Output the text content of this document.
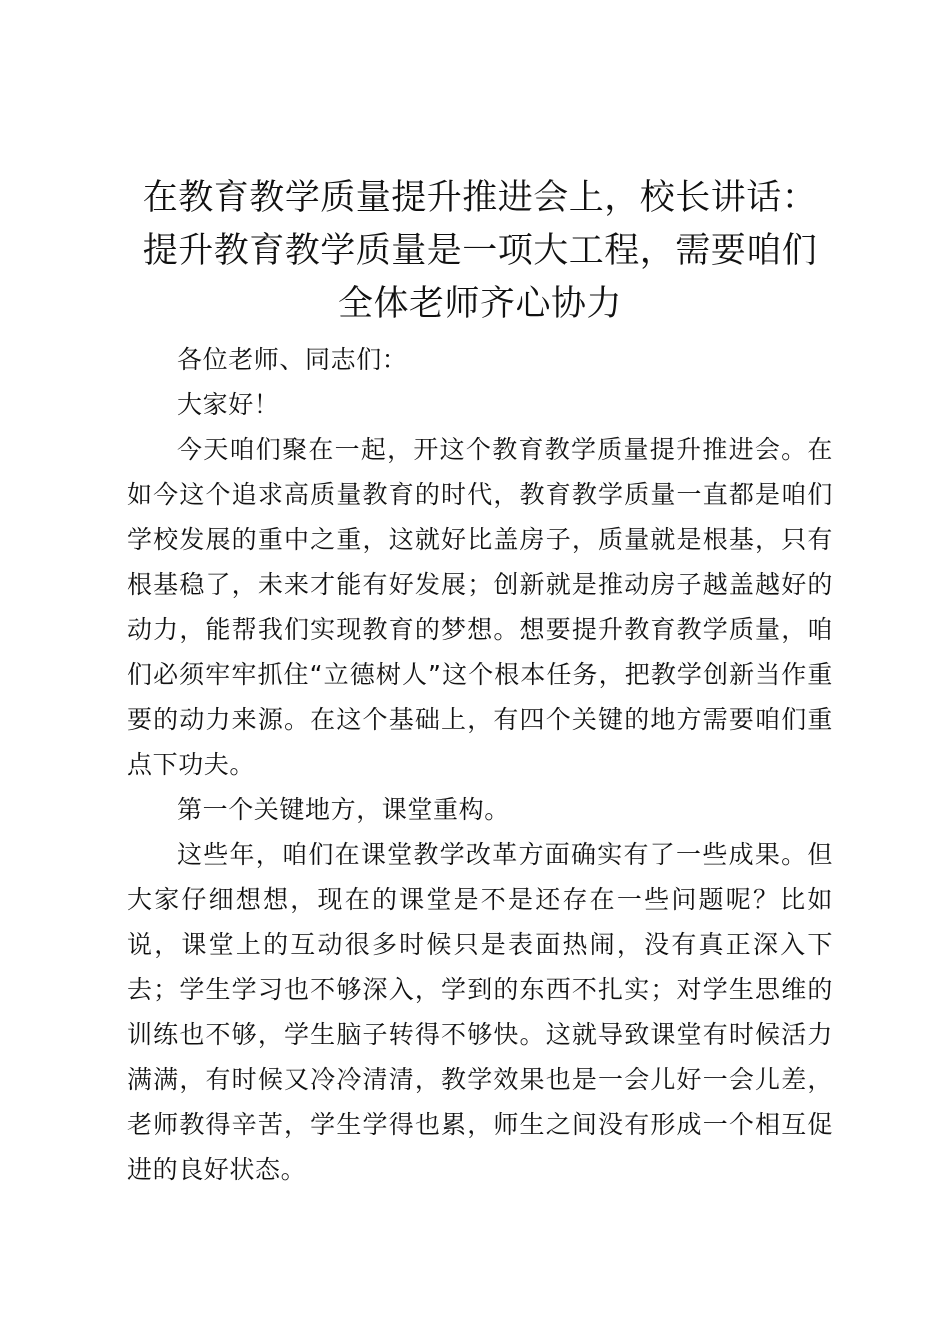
在教育教学质量提升推进会上，校长讲话：提升教育教学质量是一项大工程，需要咱们全体老师齐心协力

各位老师、同志们：

大家好！

今天咱们聚在一起，开这个教育教学质量提升推进会。在如今这个追求高质量教育的时代，教育教学质量一直都是咱们学校发展的重中之重，这就好比盖房子，质量就是根基，只有根基稳了，未来才能有好发展；创新就是推动房子越盖越好的动力，能帮我们实现教育的梦想。想要提升教育教学质量，咱们必须牢牢抓住“立德树人”这个根本任务，把教学创新当作重要的动力来源。在这个基础上，有四个关键的地方需要咱们重点下功夫。

第一个关键地方，课堂重构。

这些年，咱们在课堂教学改革方面确实有了一些成果。但大家仔细想想，现在的课堂是不是还存在一些问题呢？比如说，课堂上的互动很多时候只是表面热闹，没有真正深入下去；学生学习也不够深入，学到的东西不扎实；对学生思维的训练也不够，学生脑子转得不够快。这就导致课堂有时候活力满满，有时候又冷冷清清，教学效果也是一会儿好一会儿差，老师教得辛苦，学生学得也累，师生之间没有形成一个相互促进的良好状态。
